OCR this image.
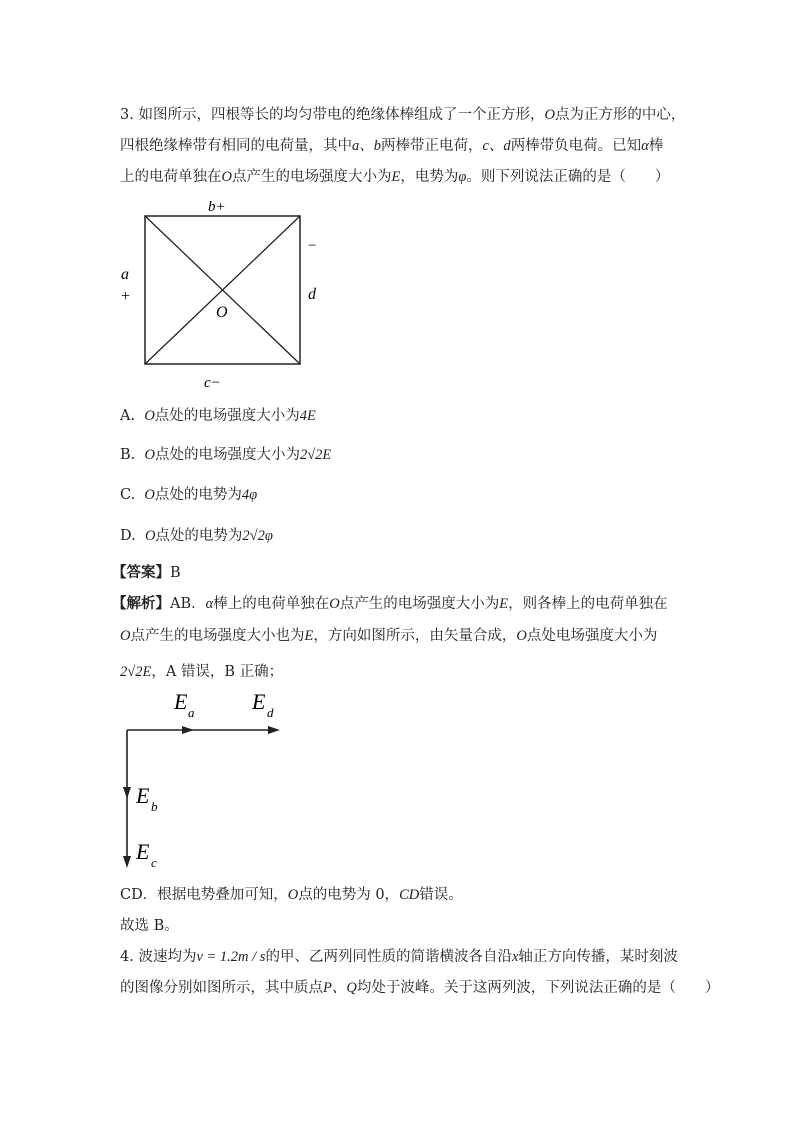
3. 如图所示，四根等长的均匀带电的绝缘体棒组成了一个正方形，O点为正方形的中心，
四根绝缘棒带有相同的电荷量，其中a、b两棒带正电荷，c、d两棒带负电荷。已知α棒
上的电荷单独在O点产生的电场强度大小为E，电势为φ。则下列说法正确的是（　　）
b+
a
+
−
d
O
c−
A. O点处的电场强度大小为4E
B. O点处的电场强度大小为2√2E
C. O点处的电势为4φ
D. O点处的电势为2√2φ
【答案】B
【解析】AB．α棒上的电荷单独在O点产生的电场强度大小为E，则各棒上的电荷单独在
O点产生的电场强度大小也为E，方向如图所示，由矢量合成，O点处电场强度大小为
2√2E，A 错误，B 正确；
E a	E d
E b
E c
CD．根据电势叠加可知，O点的电势为 0，CD错误。
故选 B。
4. 波速均为v = 1.2m / s的甲、乙两列同性质的简谐横波各自沿x轴正方向传播，某时刻波
的图像分别如图所示，其中质点P、Q均处于波峰。关于这两列波，下列说法正确的是（　　）
